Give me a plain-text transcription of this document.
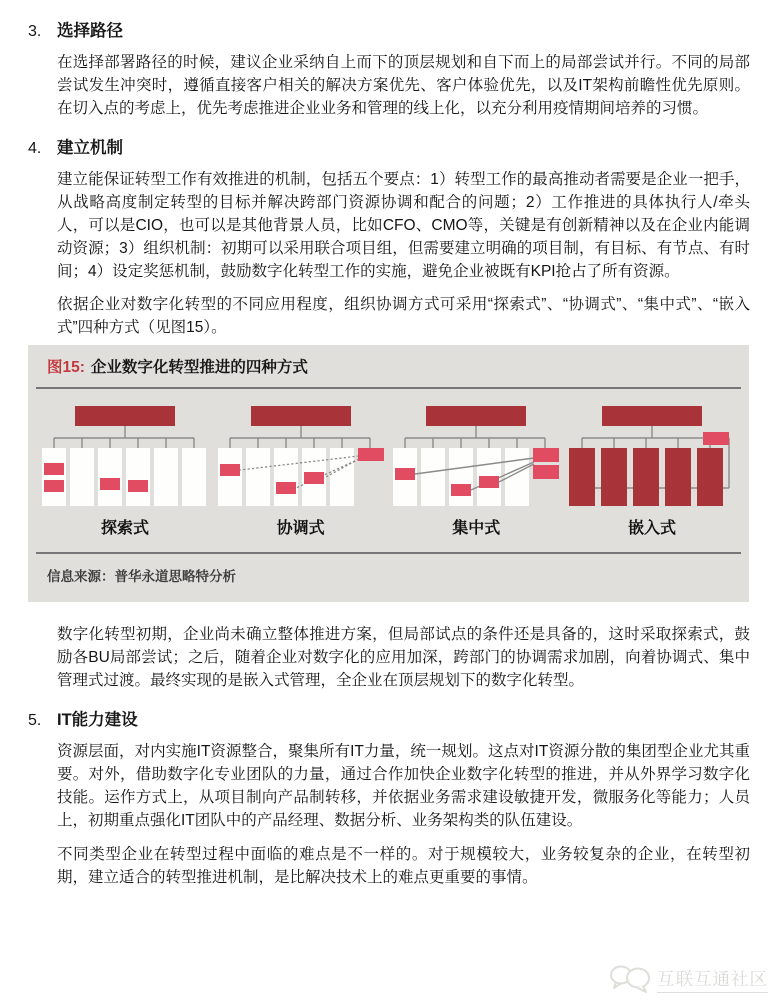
3. 选择路径

在选择部署路径的时候，建议企业采纳自上而下的顶层规划和自下而上的局部尝试并行。不同的局部尝试发生冲突时，遵循直接客户相关的解决方案优先、客户体验优先，以及IT架构前瞻性优先原则。在切入点的考虑上，优先考虑推进企业业务和管理的线上化，以充分利用疫情期间培养的习惯。

4. 建立机制

建立能保证转型工作有效推进的机制，包括五个要点：1）转型工作的最高推动者需要是企业一把手，从战略高度制定转型的目标并解决跨部门资源协调和配合的问题；2）工作推进的具体执行人/牵头人，可以是CIO，也可以是其他背景人员，比如CFO、CMO等，关键是有创新精神以及在企业内能调动资源；3）组织机制：初期可以采用联合项目组，但需要建立明确的项目制，有目标、有节点、有时间；4）设定奖惩机制，鼓励数字化转型工作的实施，避免企业被既有KPI抢占了所有资源。

依据企业对数字化转型的不同应用程度，组织协调方式可采用“探索式”、“协调式”、“集中式”、“嵌入式”四种方式（见图15）。

图15: 企业数字化转型推进的四种方式
探索式	协调式	集中式	嵌入式
信息来源：普华永道思略特分析

数字化转型初期，企业尚未确立整体推进方案，但局部试点的条件还是具备的，这时采取探索式，鼓励各BU局部尝试；之后，随着企业对数字化的应用加深，跨部门的协调需求加剧，向着协调式、集中管理式过渡。最终实现的是嵌入式管理，全企业在顶层规划下的数字化转型。

5. IT能力建设

资源层面，对内实施IT资源整合，聚集所有IT力量，统一规划。这点对IT资源分散的集团型企业尤其重要。对外，借助数字化专业团队的力量，通过合作加快企业数字化转型的推进，并从外界学习数字化技能。运作方式上，从项目制向产品制转移，并依据业务需求建设敏捷开发，微服务化等能力；人员上，初期重点强化IT团队中的产品经理、数据分析、业务架构类的队伍建设。

不同类型企业在转型过程中面临的难点是不一样的。对于规模较大，业务较复杂的企业，在转型初期，建立适合的转型推进机制，是比解决技术上的难点更重要的事情。

互联互通社区
